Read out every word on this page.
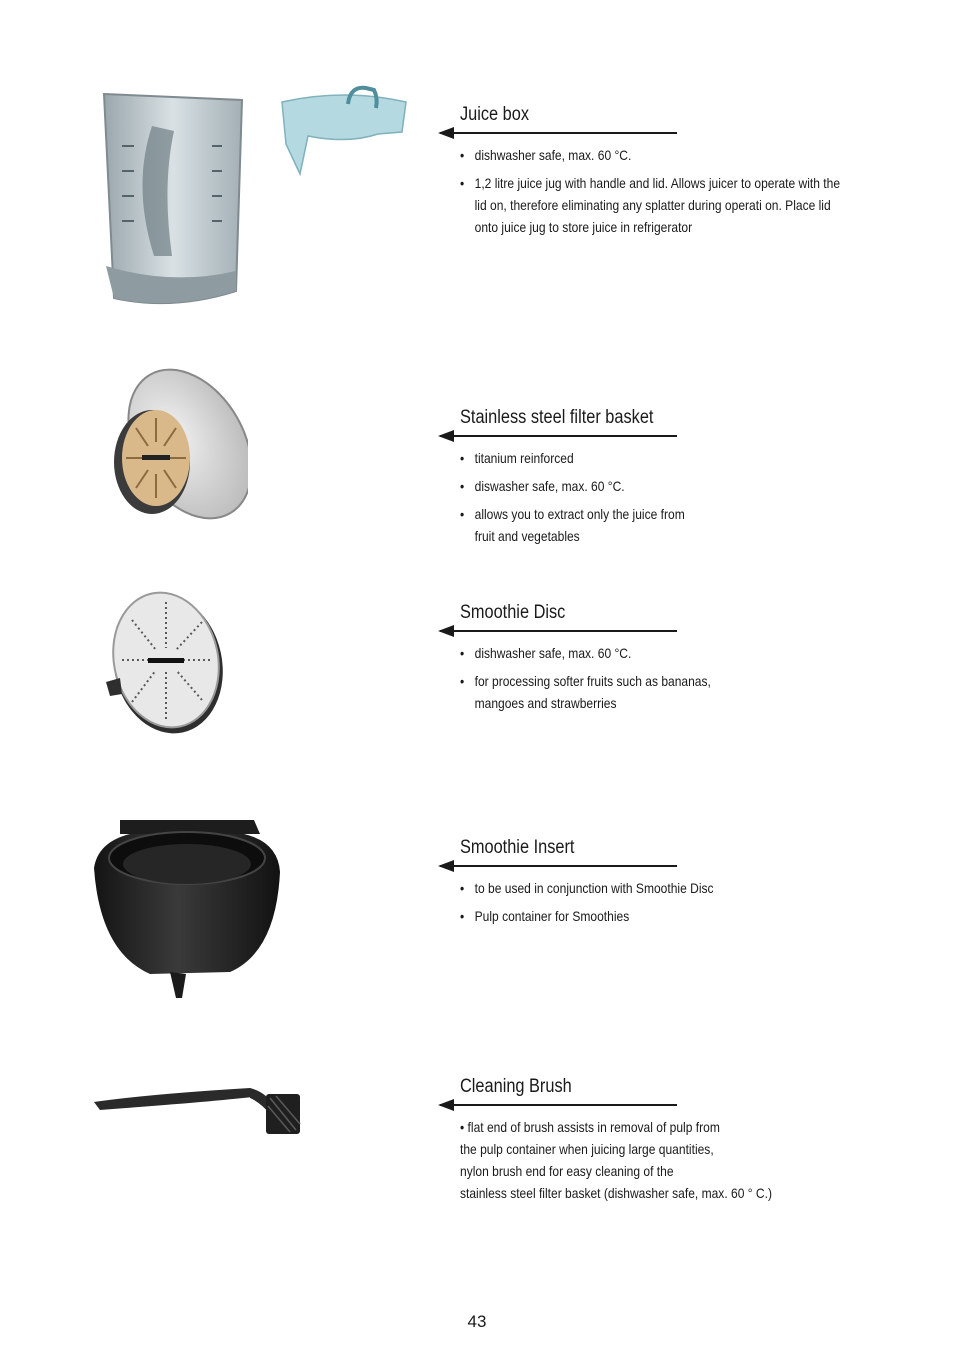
Juice box
• dishwasher safe, max. 60 °C.
• 1,2 litre juice jug with handle and lid. Allows juicer to operate with the lid on, therefore eliminating any splatter during operati on. Place lid onto juice jug to store juice in refrigerator
Stainless steel filter basket
• titanium reinforced
• diswasher safe, max. 60 °C.
• allows you to extract only the juice from fruit and vegetables
Smoothie Disc
• dishwasher safe, max. 60 °C.
• for processing softer fruits such as bananas, mangoes and strawberries
Smoothie Insert
• to be used in conjunction with Smoothie Disc
• Pulp container for Smoothies
Cleaning Brush
• flat end of brush assists in removal of pulp from
the pulp container when juicing large quantities,
nylon brush end for easy cleaning of the
stainless steel filter basket (dishwasher safe, max. 60 ° C.)
43
